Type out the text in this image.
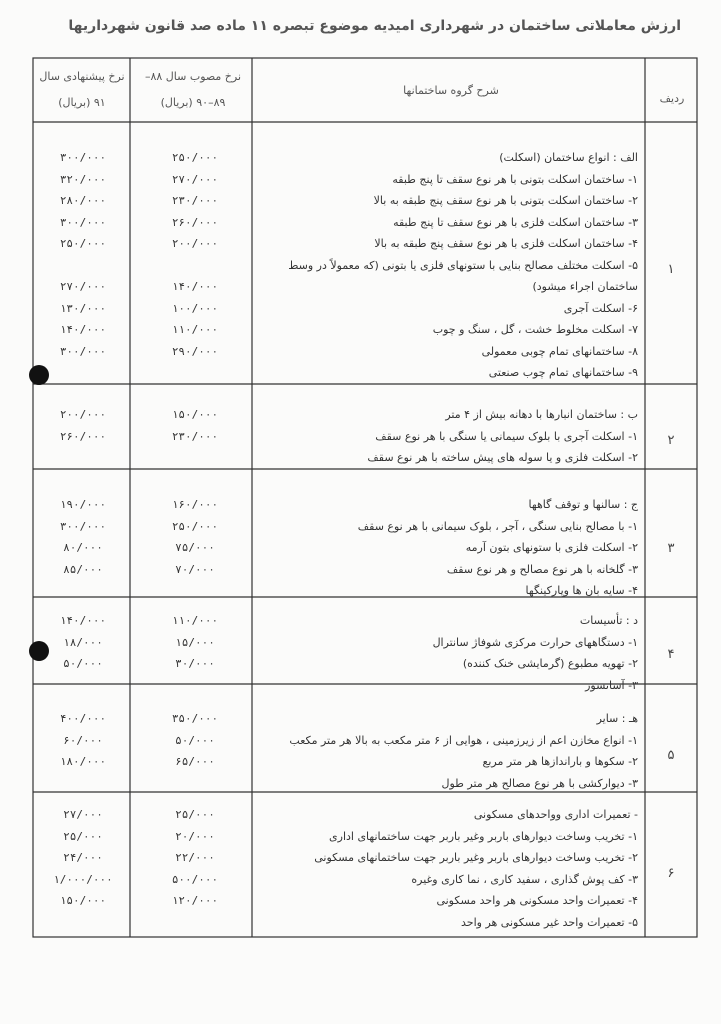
ارزش معاملاتی ساختمان در شهرداری امیدیه موضوع تبصره ۱۱ ماده صد قانون شهرداریها
نرخ پیشنهادی سال ۹۱ (بریال)
نرخ مصوب سال ۸۸– ۸۹–۹۰ (بریال)
شرح گروه ساختمانها
ردیف
۱
الف : انواع ساختمان (اسکلت)
۱- ساختمان اسکلت بتونی با هر نوع سقف تا پنج طبقه
۲- ساختمان اسکلت بتونی با هر نوع سقف پنج طبقه به بالا
۳- ساختمان اسکلت فلزی با هر نوع سقف تا پنج طبقه
۴- ساختمان اسکلت فلزی با هر نوع سقف پنج طبقه به بالا
۵- اسکلت مختلف مصالح بنایی با ستونهای فلزی یا بتونی (که معمولاً در وسط
ساختمان اجراء میشود)
۶- اسکلت آجری
۷- اسکلت مخلوط خشت ، گل ، سنگ و چوب
۸- ساختمانهای تمام چوبی معمولی
۹- ساختمانهای تمام چوب صنعتی
۲۵۰/۰۰۰
۲۷۰/۰۰۰
۲۳۰/۰۰۰
۲۶۰/۰۰۰
۲۰۰/۰۰۰
۱۴۰/۰۰۰
۱۰۰/۰۰۰
۱۱۰/۰۰۰
۲۹۰/۰۰۰
۳۰۰/۰۰۰
۳۲۰/۰۰۰
۲۸۰/۰۰۰
۳۰۰/۰۰۰
۲۵۰/۰۰۰
۲۷۰/۰۰۰
۱۳۰/۰۰۰
۱۴۰/۰۰۰
۳۰۰/۰۰۰
۲
ب : ساختمان انبارها با دهانه بیش از ۴ متر
۱- اسکلت آجری با بلوک سیمانی یا سنگی با هر نوع سقف
۲- اسکلت فلزی و یا سوله های پیش ساخته با هر نوع سقف
۱۵۰/۰۰۰
۲۳۰/۰۰۰
۲۰۰/۰۰۰
۲۶۰/۰۰۰
۳
ج : سالنها و توقف گاهها
۱- با مصالح بنایی سنگی ، آجر ، بلوک سیمانی با هر نوع سقف
۲- اسکلت فلزی با ستونهای بتون آرمه
۳- گلخانه با هر نوع مصالح و هر نوع سقف
۴- سایه بان ها وپارکینگها
۱۶۰/۰۰۰
۲۵۰/۰۰۰
۷۵/۰۰۰
۷۰/۰۰۰
۱۹۰/۰۰۰
۳۰۰/۰۰۰
۸۰/۰۰۰
۸۵/۰۰۰
۴
د : تأسیسات
۱- دستگاههای حرارت مرکزی شوفاژ سانترال
۲- تهویه مطبوع (گرمایشی خنک کننده)
۳- آسانسور
۱۱۰/۰۰۰
۱۵/۰۰۰
۳۰/۰۰۰
۱۴۰/۰۰۰
۱۸/۰۰۰
۵۰/۰۰۰
۵
هـ : سایر
۱- انواع مخازن اعم از زیرزمینی ، هوایی از ۶ متر مکعب به بالا هر متر مکعب
۲- سکوها و باراندازها هر متر مربع
۳- دیوارکشی با هر نوع مصالح هر متر طول
۳۵۰/۰۰۰
۵۰/۰۰۰
۶۵/۰۰۰
۴۰۰/۰۰۰
۶۰/۰۰۰
۱۸۰/۰۰۰
۶
- تعمیرات اداری وواحدهای مسکونی
۱- تخریب وساخت دیوارهای باربر وغیر باربر جهت ساختمانهای اداری
۲- تخریب وساخت دیوارهای باربر وغیر باربر جهت ساختمانهای مسکونی
۳- کف پوش گذاری ، سفید کاری ، نما کاری وغیره
۴- تعمیرات واحد مسکونی هر واحد مسکونی
۵- تعمیرات واحد غیر مسکونی هر واحد
۲۵/۰۰۰
۲۰/۰۰۰
۲۲/۰۰۰
۵۰۰/۰۰۰
۱۲۰/۰۰۰
۲۷/۰۰۰
۲۵/۰۰۰
۲۴/۰۰۰
۱/۰۰۰/۰۰۰
۱۵۰/۰۰۰
